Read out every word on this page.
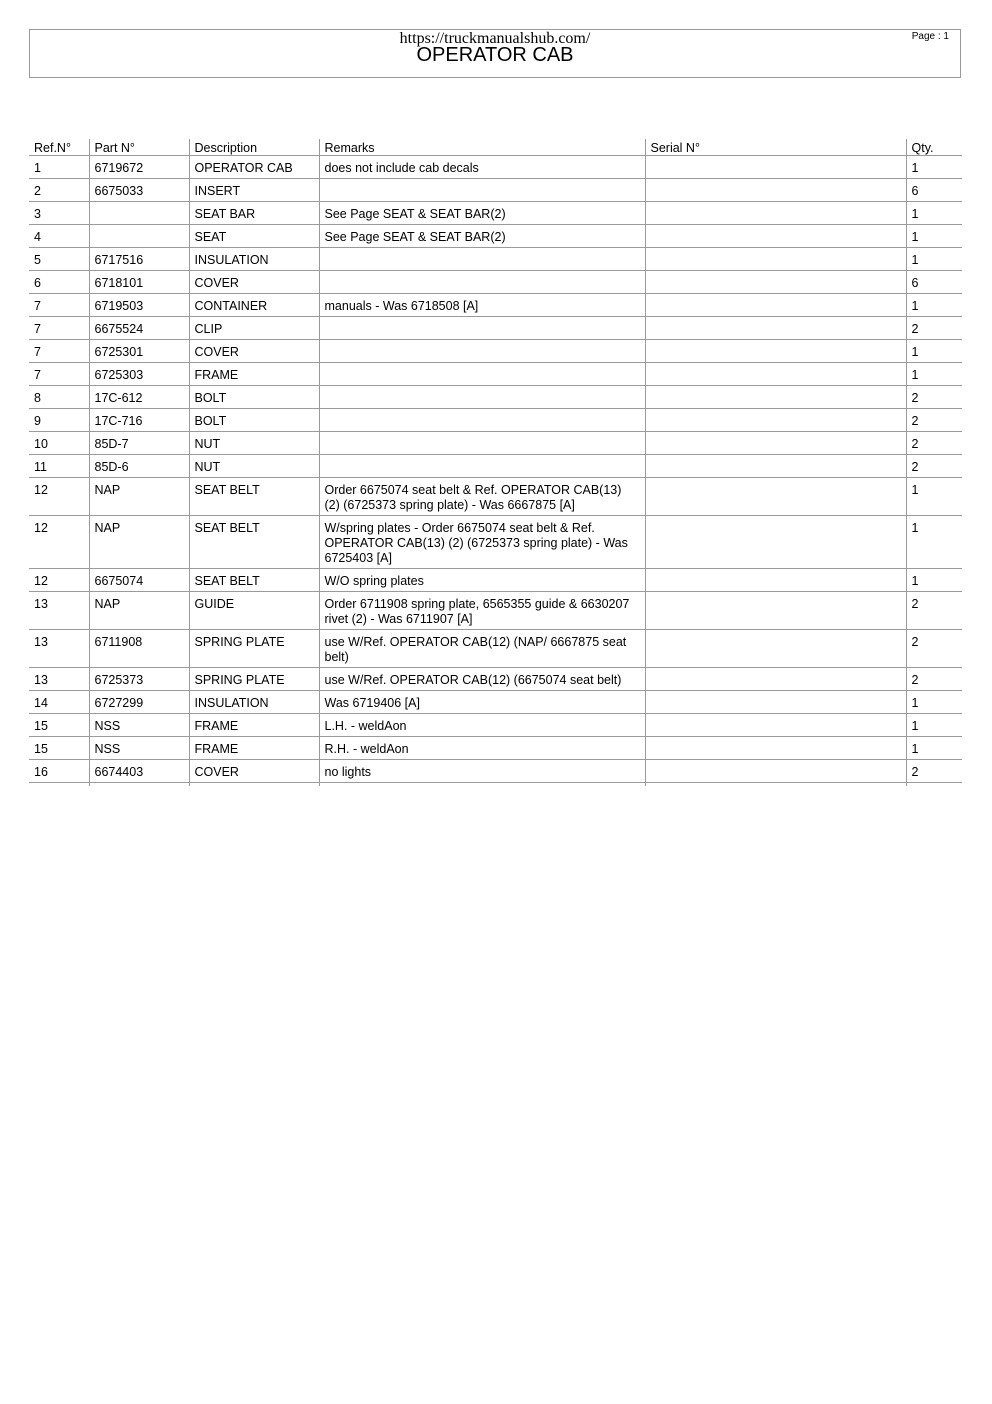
https://truckmanualshub.com/
OPERATOR CAB
Page : 1
Ref.N°	Part N°	Description	Remarks	Serial N°	Qty.
1	6719672	OPERATOR CAB	does not include cab decals		1
2	6675033	INSERT			6
3		SEAT BAR	See Page SEAT & SEAT BAR(2)		1
4		SEAT	See Page SEAT & SEAT BAR(2)		1
5	6717516	INSULATION			1
6	6718101	COVER			6
7	6719503	CONTAINER	manuals - Was 6718508 [A]		1
7	6675524	CLIP			2
7	6725301	COVER			1
7	6725303	FRAME			1
8	17C-612	BOLT			2
9	17C-716	BOLT			2
10	85D-7	NUT			2
11	85D-6	NUT			2
12	NAP	SEAT BELT	Order 6675074 seat belt & Ref. OPERATOR CAB(13) (2) (6725373 spring plate) - Was 6667875 [A]		1
12	NAP	SEAT BELT	W/spring plates - Order 6675074 seat belt & Ref. OPERATOR CAB(13) (2) (6725373 spring plate) - Was 6725403 [A]		1
12	6675074	SEAT BELT	W/O spring plates		1
13	NAP	GUIDE	Order 6711908 spring plate, 6565355 guide & 6630207 rivet (2) - Was 6711907 [A]		2
13	6711908	SPRING PLATE	use W/Ref. OPERATOR CAB(12) (NAP/ 6667875 seat belt)		2
13	6725373	SPRING PLATE	use W/Ref. OPERATOR CAB(12) (6675074 seat belt)		2
14	6727299	INSULATION	Was 6719406 [A]		1
15	NSS	FRAME	L.H. - weldAon		1
15	NSS	FRAME	R.H. - weldAon		1
16	6674403	COVER	no lights		2
